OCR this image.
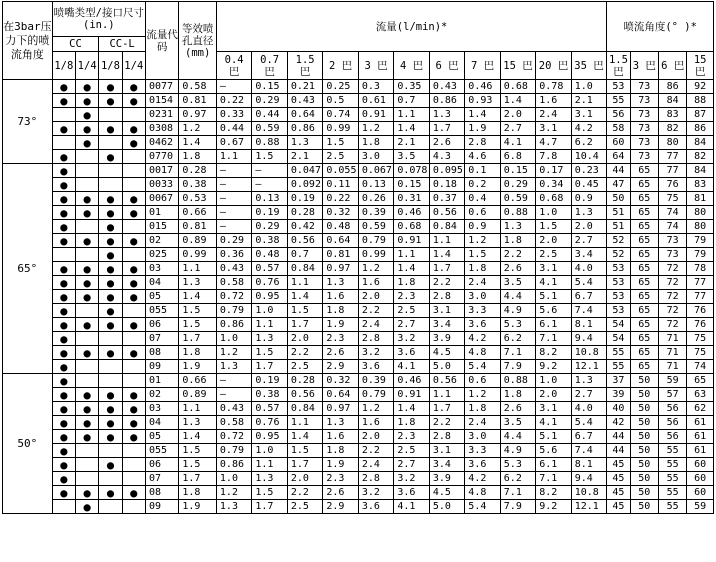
在3bar压力下的喷流角度	喷嘴类型/接口尺寸(in.)				流量代码	等效喷孔直径(mm)	流量(l/min)*											喷流角度(° )*			
	CC		CC-L																		
	1/8	1/4	1/8	1/4			0.4 巴	0.7 巴	1.5 巴	2 巴	3 巴	4 巴	6 巴	7 巴	15 巴	20 巴	35 巴	1.5 巴	3 巴	6 巴	15 巴
73°	●	●	●	●	0077	0.58	–	0.15	0.21	0.25	0.3	0.35	0.43	0.46	0.68	0.78	1.0	53	73	86	92
	●	●	●	●	0154	0.81	0.22	0.29	0.43	0.5	0.61	0.7	0.86	0.93	1.4	1.6	2.1	55	73	84	88
		●			0231	0.97	0.33	0.44	0.64	0.74	0.91	1.1	1.3	1.4	2.0	2.4	3.1	56	73	83	87
	●	●	●	●	0308	1.2	0.44	0.59	0.86	0.99	1.2	1.4	1.7	1.9	2.7	3.1	4.2	58	73	82	86
		●		●	0462	1.4	0.67	0.88	1.3	1.5	1.8	2.1	2.6	2.8	4.1	4.7	6.2	60	73	80	84
	●		●		0770	1.8	1.1	1.5	2.1	2.5	3.0	3.5	4.3	4.6	6.8	7.8	10.4	64	73	77	82
65°	●				0017	0.28	–	–	0.047	0.055	0.067	0.078	0.095	0.1	0.15	0.17	0.23	44	65	77	84
	●				0033	0.38	–	–	0.092	0.11	0.13	0.15	0.18	0.2	0.29	0.34	0.45	47	65	76	83
	●	●	●	●	0067	0.53	–	0.13	0.19	0.22	0.26	0.31	0.37	0.4	0.59	0.68	0.9	50	65	75	81
	●	●	●	●	01	0.66	–	0.19	0.28	0.32	0.39	0.46	0.56	0.6	0.88	1.0	1.3	51	65	74	80
	●		●		015	0.81	–	0.29	0.42	0.48	0.59	0.68	0.84	0.9	1.3	1.5	2.0	51	65	74	80
	●	●	●	●	02	0.89	0.29	0.38	0.56	0.64	0.79	0.91	1.1	1.2	1.8	2.0	2.7	52	65	73	79
			●		025	0.99	0.36	0.48	0.7	0.81	0.99	1.1	1.4	1.5	2.2	2.5	3.4	52	65	73	79
	●	●	●	●	03	1.1	0.43	0.57	0.84	0.97	1.2	1.4	1.7	1.8	2.6	3.1	4.0	53	65	72	78
	●	●	●	●	04	1.3	0.58	0.76	1.1	1.3	1.6	1.8	2.2	2.4	3.5	4.1	5.4	53	65	72	77
	●	●	●	●	05	1.4	0.72	0.95	1.4	1.6	2.0	2.3	2.8	3.0	4.4	5.1	6.7	53	65	72	77
	●		●		055	1.5	0.79	1.0	1.5	1.8	2.2	2.5	3.1	3.3	4.9	5.6	7.4	53	65	72	76
	●	●	●	●	06	1.5	0.86	1.1	1.7	1.9	2.4	2.7	3.4	3.6	5.3	6.1	8.1	54	65	72	76
	●				07	1.7	1.0	1.3	2.0	2.3	2.8	3.2	3.9	4.2	6.2	7.1	9.4	54	65	71	75
	●	●	●	●	08	1.8	1.2	1.5	2.2	2.6	3.2	3.6	4.5	4.8	7.1	8.2	10.8	55	65	71	75
	●				09	1.9	1.3	1.7	2.5	2.9	3.6	4.1	5.0	5.4	7.9	9.2	12.1	55	65	71	74
50°	●				01	0.66	–	0.19	0.28	0.32	0.39	0.46	0.56	0.6	0.88	1.0	1.3	37	50	59	65
	●	●	●	●	02	0.89	–	0.38	0.56	0.64	0.79	0.91	1.1	1.2	1.8	2.0	2.7	39	50	57	63
	●	●	●	●	03	1.1	0.43	0.57	0.84	0.97	1.2	1.4	1.7	1.8	2.6	3.1	4.0	40	50	56	62
	●	●	●	●	04	1.3	0.58	0.76	1.1	1.3	1.6	1.8	2.2	2.4	3.5	4.1	5.4	42	50	56	61
	●	●	●	●	05	1.4	0.72	0.95	1.4	1.6	2.0	2.3	2.8	3.0	4.4	5.1	6.7	44	50	56	61
	●				055	1.5	0.79	1.0	1.5	1.8	2.2	2.5	3.1	3.3	4.9	5.6	7.4	44	50	55	61
	●		●		06	1.5	0.86	1.1	1.7	1.9	2.4	2.7	3.4	3.6	5.3	6.1	8.1	45	50	55	60
	●				07	1.7	1.0	1.3	2.0	2.3	2.8	3.2	3.9	4.2	6.2	7.1	9.4	45	50	55	60
	●	●	●	●	08	1.8	1.2	1.5	2.2	2.6	3.2	3.6	4.5	4.8	7.1	8.2	10.8	45	50	55	60
		●			09	1.9	1.3	1.7	2.5	2.9	3.6	4.1	5.0	5.4	7.9	9.2	12.1	45	50	55	59
